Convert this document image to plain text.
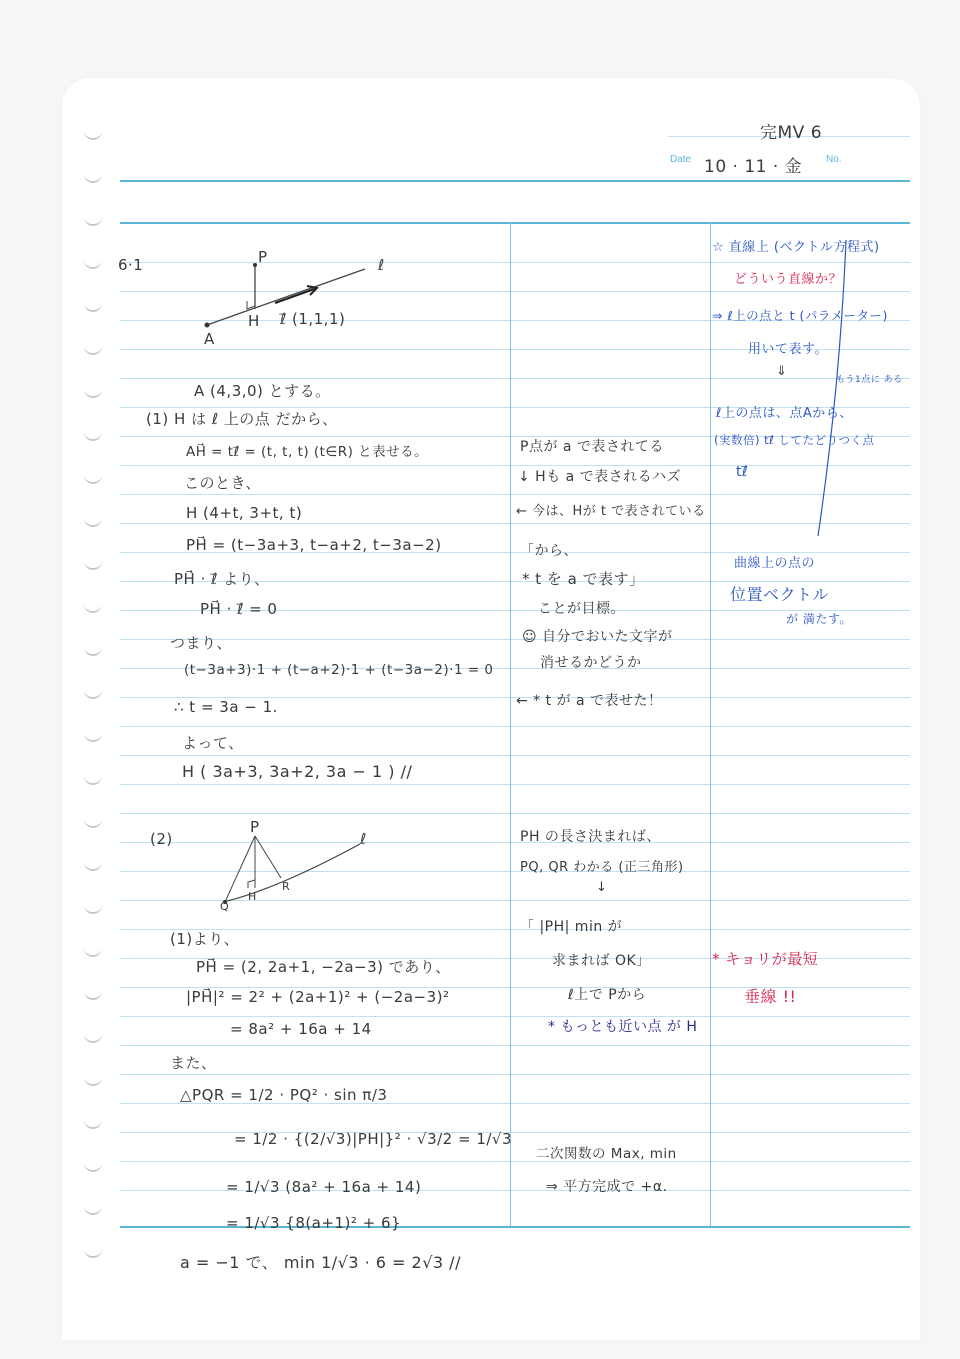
完MV 6
Date 10 · 11 · 金 No.
6·1	P	ℓ
H ℓ⃗ (1,1,1)
A
A (4,3,0) とする。
(1) H は ℓ 上の点 だから、
AH⃗ = tℓ⃗ = (t, t, t) (t∈R) と表せる。
このとき、
H (4+t, 3+t, t)
PH⃗ = (t−3a+3, t−a+2, t−3a−2)
PH⃗ · ℓ⃗ より、
PH⃗ · ℓ⃗ = 0
つまり、
(t−3a+3)·1 + (t−a+2)·1 + (t−3a−2)·1 = 0
∴ t = 3a − 1.
よって、
H ( 3a+3, 3a+2, 3a − 1 ) //
(2)
P
ℓ
Q
H
R
(1)より、
PH⃗ = (2, 2a+1, −2a−3) であり、
|PH⃗|² = 2² + (2a+1)² + (−2a−3)²
= 8a² + 16a + 14
また、
△PQR = 1/2 · PQ² · sin π/3
= 1/2 · {(2/√3)|PH|}² · √3/2 = 1/√3
= 1/√3 (8a² + 16a + 14)
= 1/√3 {8(a+1)² + 6}
a = −1 で、 min 1/√3 · 6 = 2√3 //
P点が a で表されてる
↓ Hも a で表されるハズ
← 今は、Hが t で表されている
「から、
* t を a で表す」
ことが目標。
☺ 自分でおいた文字が
消せるかどうか
← * t が a で表せた！
PH の長さ決まれば、
PQ, QR わかる (正三角形)
↓
「 |PH| min が
求まれば OK」
ℓ上で Pから
* もっとも近い点 が H
二次関数の Max, min
⇒ 平方完成で +α.
☆ 直線上 (ベクトル方程式)
どういう直線か？
⇒ ℓ上の点と t (パラメーター)
用いて表す。
⇓
もう1点に ある
ℓ上の点は、点Aから、
(実数倍) tℓ⃗ してたどりつく点
tℓ⃗
曲線上の点の
位置ベクトル
が 満たす。
* キョリが最短
垂線 !!
